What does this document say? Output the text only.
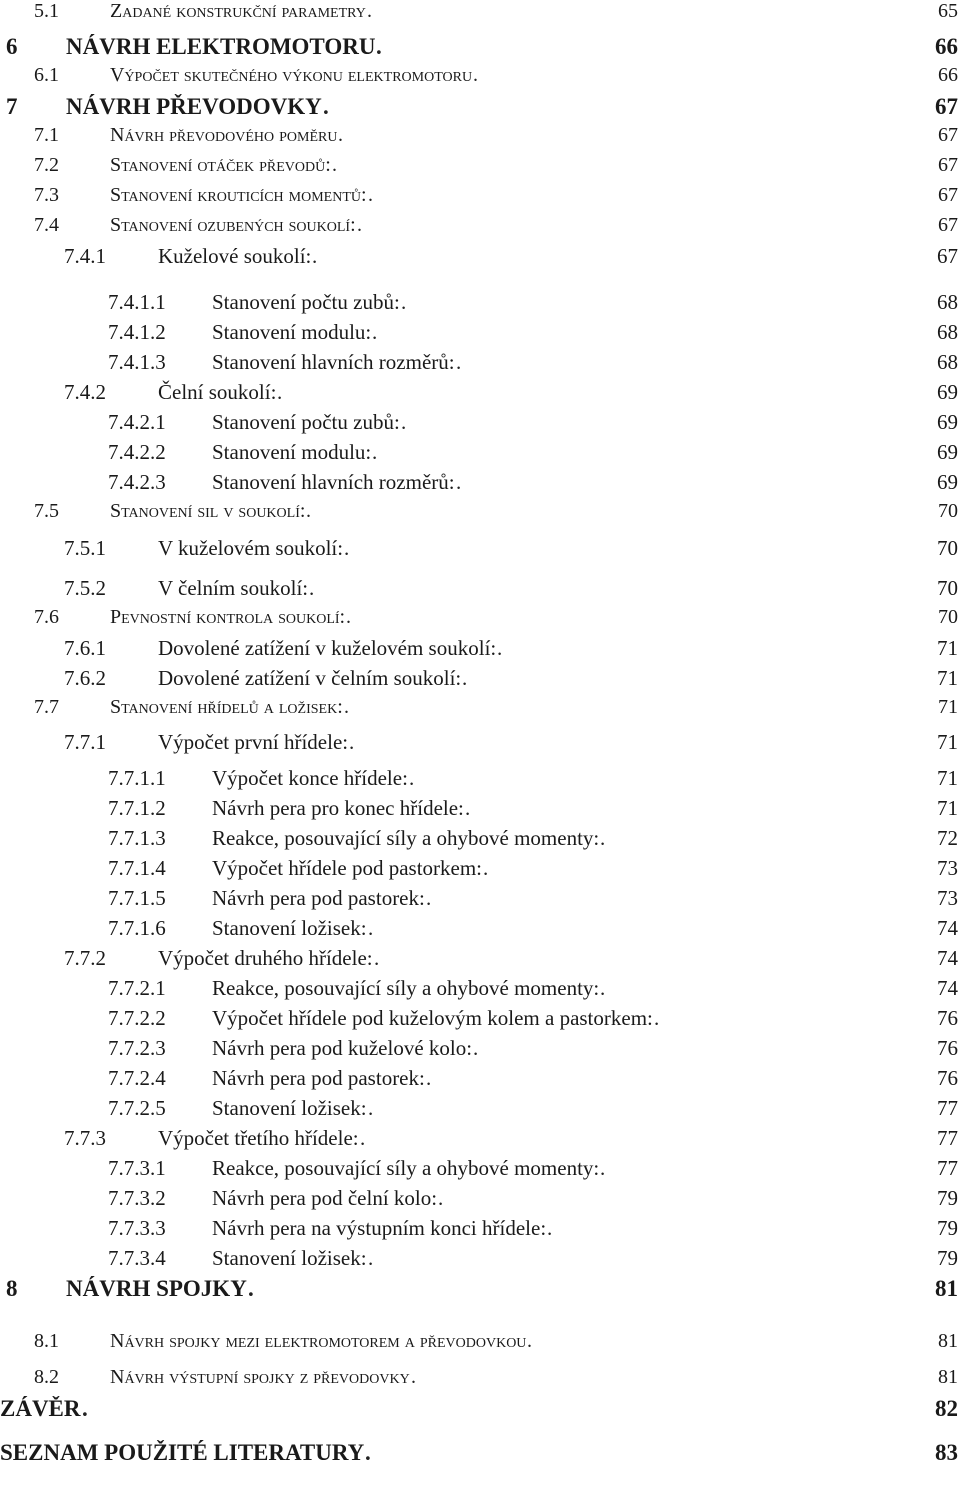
5.1	Zadané konstrukční parametry .	65
6 NÁVRH ELEKTROMOTORU .	66
6.1	Výpočet skutečného výkonu elektromotoru .	66
7 NÁVRH PŘEVODOVKY .	67
7.1	Návrh převodového poměru .	67
7.2	Stanovení otáček převodů: .	67
7.3	Stanovení krouticích momentů: .	67
7.4	Stanovení ozubených soukolí: .	67
7.4.1 Kuželové soukolí: .	67
7.4.1.1 Stanovení počtu zubů: .	68
7.4.1.2 Stanovení modulu: .	68
7.4.1.3 Stanovení hlavních rozměrů: .	68
7.4.2 Čelní soukolí: .	69
7.4.2.1 Stanovení počtu zubů: .	69
7.4.2.2 Stanovení modulu: .	69
7.4.2.3 Stanovení hlavních rozměrů: .	69
7.5	Stanovení sil v soukolí: .	70
7.5.1 V kuželovém soukolí: .	70
7.5.2 V čelním soukolí: .	70
7.6	Pevnostní kontrola soukolí: .	70
7.6.1 Dovolené zatížení v kuželovém soukolí: .	71
7.6.2 Dovolené zatížení v čelním soukolí: .	71
7.7	Stanovení hřídelů a ložisek: .	71
7.7.1 Výpočet první hřídele: .	71
7.7.1.1 Výpočet konce hřídele: .	71
7.7.1.2 Návrh pera pro konec hřídele: .	71
7.7.1.3 Reakce, posouvající síly a ohybové momenty: .	72
7.7.1.4 Výpočet hřídele pod pastorkem: .	73
7.7.1.5 Návrh pera pod pastorek: .	73
7.7.1.6 Stanovení ložisek: .	74
7.7.2 Výpočet druhého hřídele: .	74
7.7.2.1 Reakce, posouvající síly a ohybové momenty: .	74
7.7.2.2 Výpočet hřídele pod kuželovým kolem a pastorkem: .	76
7.7.2.3 Návrh pera pod kuželové kolo: .	76
7.7.2.4 Návrh pera pod pastorek: .	76
7.7.2.5 Stanovení ložisek: .	77
7.7.3 Výpočet třetího hřídele: .	77
7.7.3.1 Reakce, posouvající síly a ohybové momenty: .	77
7.7.3.2 Návrh pera pod čelní kolo: .	79
7.7.3.3 Návrh pera na výstupním konci hřídele: .	79
7.7.3.4 Stanovení ložisek: .	79
8 NÁVRH SPOJKY .	81
8.1	Návrh spojky mezi elektromotorem a převodovkou .	81
8.2	Návrh výstupní spojky z převodovky .	81
ZÁVĚR .	82
SEZNAM POUŽITÉ LITERATURY .	83
